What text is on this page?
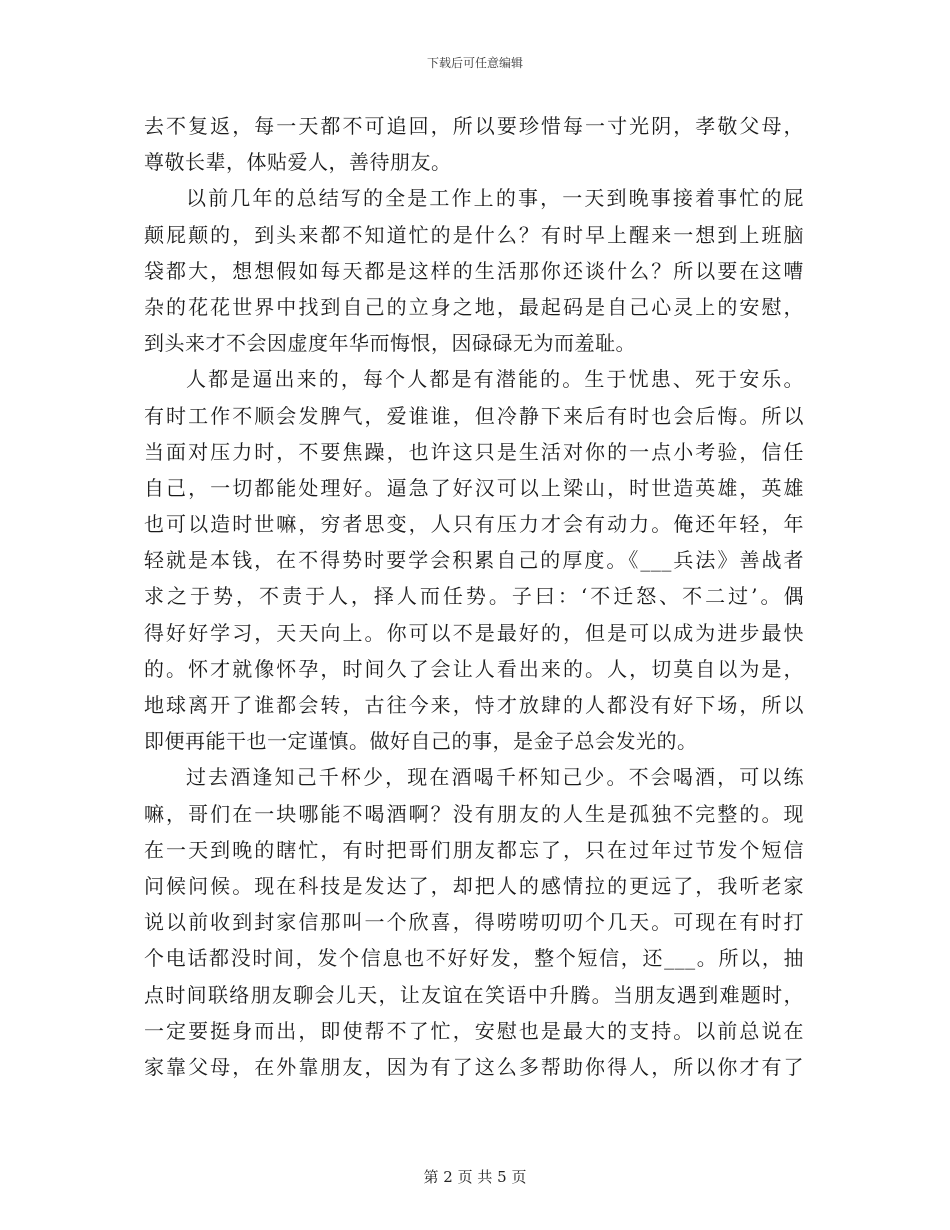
下载后可任意编辑
去不复返，每一天都不可追回，所以要珍惜每一寸光阴，孝敬父母，
尊敬长辈，体贴爱人，善待朋友。
以前几年的总结写的全是工作上的事，一天到晚事接着事忙的屁
颠屁颠的，到头来都不知道忙的是什么？有时早上醒来一想到上班脑
袋都大，想想假如每天都是这样的生活那你还谈什么？所以要在这嘈
杂的花花世界中找到自己的立身之地，最起码是自己心灵上的安慰，
到头来才不会因虚度年华而悔恨，因碌碌无为而羞耻。
人都是逼出来的，每个人都是有潜能的。生于忧患、死于安乐。
有时工作不顺会发脾气，爱谁谁，但冷静下来后有时也会后悔。所以
当面对压力时，不要焦躁，也许这只是生活对你的一点小考验，信任
自己，一切都能处理好。逼急了好汉可以上梁山，时世造英雄，英雄
也可以造时世嘛，穷者思变，人只有压力才会有动力。俺还年轻，年
轻就是本钱，在不得势时要学会积累自己的厚度。《___兵法》善战者
求之于势，不责于人，择人而任势。子曰：‘不迁怒、不二过’。偶
得好好学习，天天向上。你可以不是最好的，但是可以成为进步最快
的。怀才就像怀孕，时间久了会让人看出来的。人，切莫自以为是，
地球离开了谁都会转，古往今来，恃才放肆的人都没有好下场，所以
即便再能干也一定谨慎。做好自己的事，是金子总会发光的。
过去酒逢知己千杯少，现在酒喝千杯知己少。不会喝酒，可以练
嘛，哥们在一块哪能不喝酒啊？没有朋友的人生是孤独不完整的。现
在一天到晚的瞎忙，有时把哥们朋友都忘了，只在过年过节发个短信
问候问候。现在科技是发达了，却把人的感情拉的更远了，我听老家
说以前收到封家信那叫一个欣喜，得唠唠叨叨个几天。可现在有时打
个电话都没时间，发个信息也不好好发，整个短信，还___。所以，抽
点时间联络朋友聊会儿天，让友谊在笑语中升腾。当朋友遇到难题时，
一定要挺身而出，即使帮不了忙，安慰也是最大的支持。以前总说在
家靠父母，在外靠朋友，因为有了这么多帮助你得人，所以你才有了
第 2 页 共 5 页
